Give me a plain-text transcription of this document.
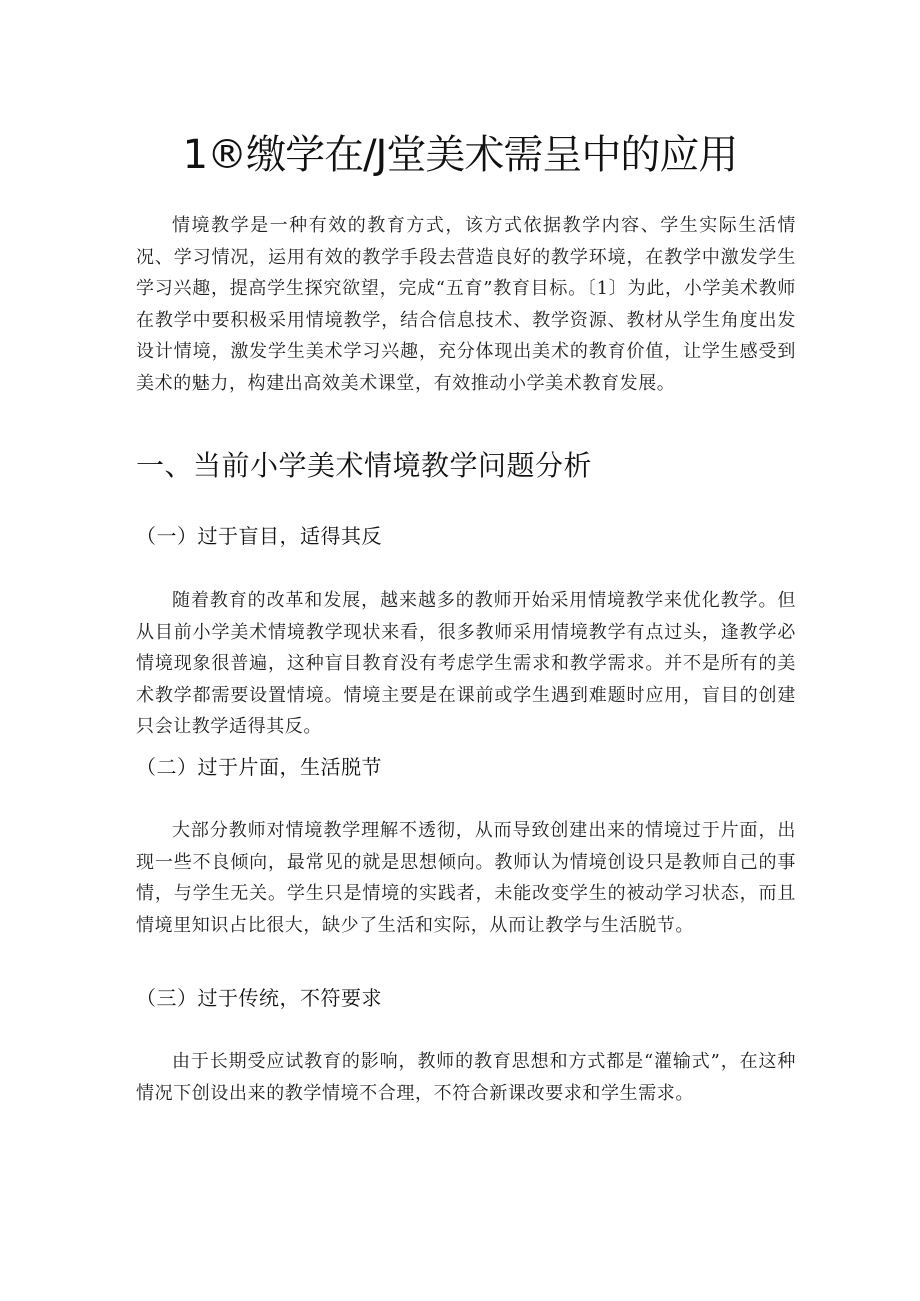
1®缴学在/J堂美术需呈中的应用

情境教学是一种有效的教育方式，该方式依据教学内容、学生实际生活情况、学习情况，运用有效的教学手段去营造良好的教学环境，在教学中激发学生学习兴趣，提高学生探究欲望，完成“五育”教育目标。〔1〕为此，小学美术教师在教学中要积极采用情境教学，结合信息技术、教学资源、教材从学生角度出发设计情境，激发学生美术学习兴趣，充分体现出美术的教育价值，让学生感受到美术的魅力，构建出高效美术课堂，有效推动小学美术教育发展。

一、当前小学美术情境教学问题分析
（一）过于盲目，适得其反

随着教育的改革和发展，越来越多的教师开始采用情境教学来优化教学。但从目前小学美术情境教学现状来看，很多教师采用情境教学有点过头，逢教学必情境现象很普遍，这种盲目教育没有考虑学生需求和教学需求。并不是所有的美术教学都需要设置情境。情境主要是在课前或学生遇到难题时应用，盲目的创建只会让教学适得其反。

（二）过于片面，生活脱节

大部分教师对情境教学理解不透彻，从而导致创建出来的情境过于片面，出现一些不良倾向，最常见的就是思想倾向。教师认为情境创设只是教师自己的事情，与学生无关。学生只是情境的实践者，未能改变学生的被动学习状态，而且情境里知识占比很大，缺少了生活和实际，从而让教学与生活脱节。

（三）过于传统，不符要求

由于长期受应试教育的影响，教师的教育思想和方式都是“灌输式”，在这种情况下创设出来的教学情境不合理，不符合新课改要求和学生需求。
